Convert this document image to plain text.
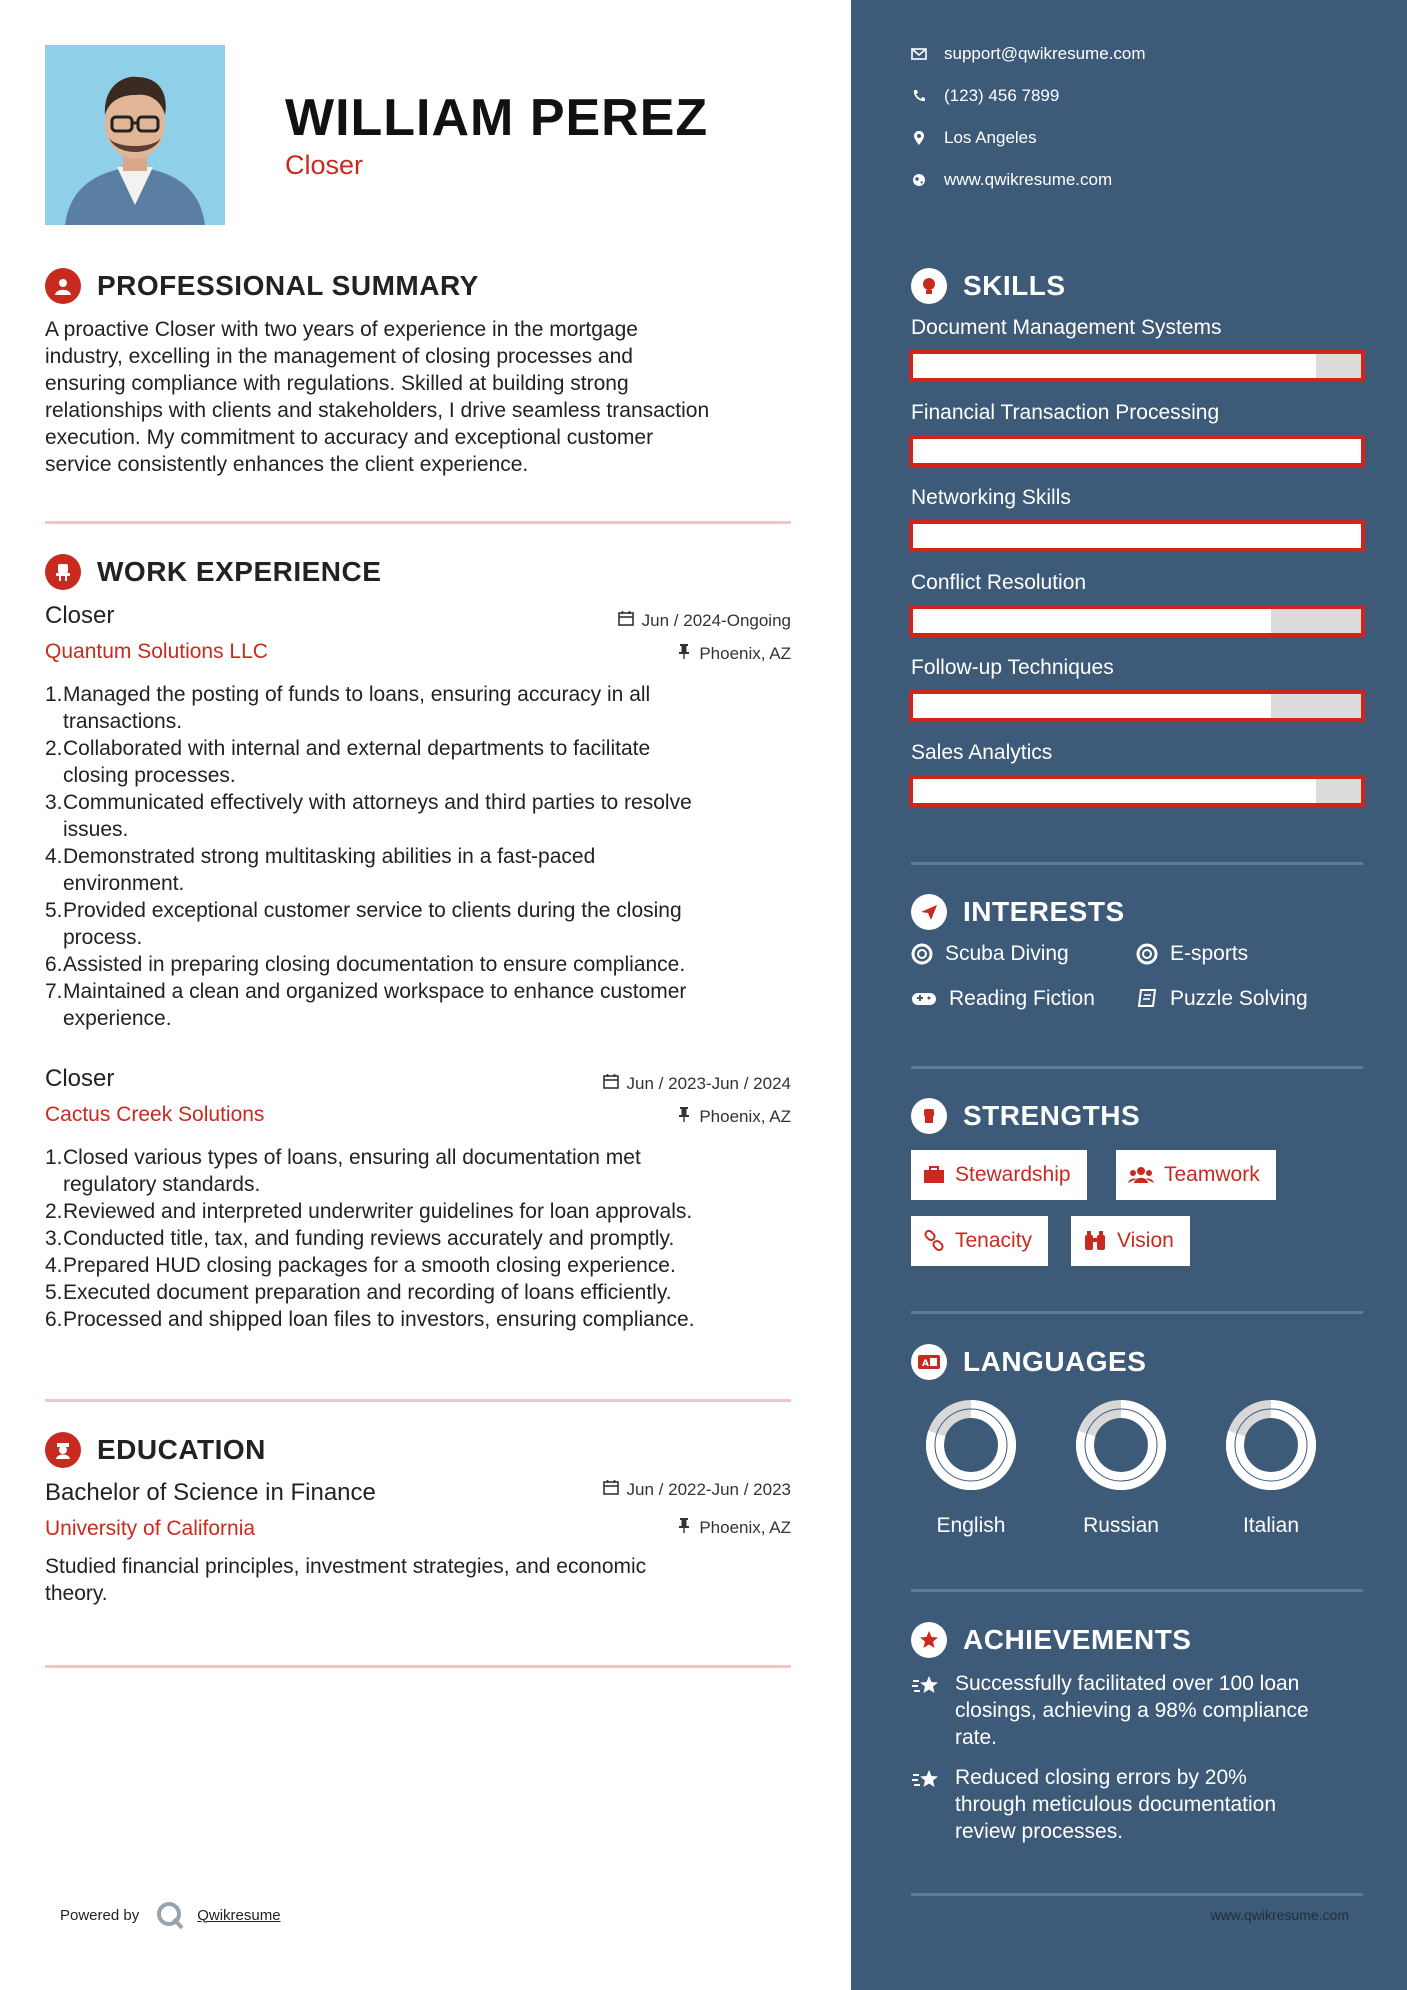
WILLIAM PEREZ
Closer
PROFESSIONAL SUMMARY
A proactive Closer with two years of experience in the mortgage
industry, excelling in the management of closing processes and
ensuring compliance with regulations. Skilled at building strong
relationships with clients and stakeholders, I drive seamless transaction
execution. My commitment to accuracy and exceptional customer
service consistently enhances the client experience.
WORK EXPERIENCE
Closer
Quantum Solutions LLC
Jun / 2024-Ongoing
Phoenix, AZ
1. Managed the posting of funds to loans, ensuring accuracy in all
transactions.
2. Collaborated with internal and external departments to facilitate
closing processes.
3. Communicated effectively with attorneys and third parties to resolve
issues.
4. Demonstrated strong multitasking abilities in a fast-paced
environment.
5. Provided exceptional customer service to clients during the closing
process.
6. Assisted in preparing closing documentation to ensure compliance.
7. Maintained a clean and organized workspace to enhance customer
experience.
Closer
Cactus Creek Solutions
Jun / 2023-Jun / 2024
Phoenix, AZ
1. Closed various types of loans, ensuring all documentation met
regulatory standards.
2. Reviewed and interpreted underwriter guidelines for loan approvals.
3. Conducted title, tax, and funding reviews accurately and promptly.
4. Prepared HUD closing packages for a smooth closing experience.
5. Executed document preparation and recording of loans efficiently.
6. Processed and shipped loan files to investors, ensuring compliance.
EDUCATION
Bachelor of Science in Finance
University of California
Jun / 2022-Jun / 2023
Phoenix, AZ
Studied financial principles, investment strategies, and economic
theory.
Powered by	Qwikresume
support@qwikresume.com
(123) 456 7899
Los Angeles
www.qwikresume.com
SKILLS
Document Management Systems
Financial Transaction Processing
Networking Skills
Conflict Resolution
Follow-up Techniques
Sales Analytics
INTERESTS
Scuba Diving	E-sports
Reading Fiction	Puzzle Solving
STRENGTHS
Stewardship	Teamwork
Tenacity	Vision
A LANGUAGES
English	Russian	Italian
ACHIEVEMENTS
Successfully facilitated over 100 loan
closings, achieving a 98% compliance
rate.
Reduced closing errors by 20%
through meticulous documentation
review processes.
www.qwikresume.com
